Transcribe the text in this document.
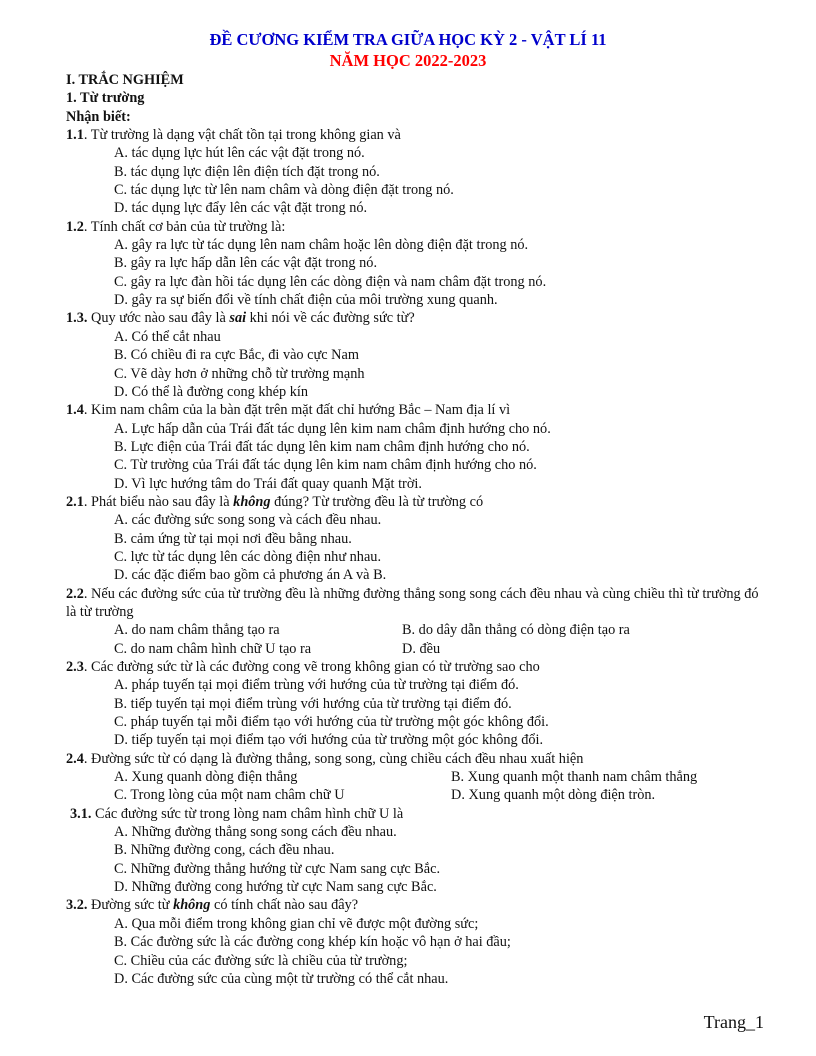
ĐỀ CƯƠNG KIỂM TRA GIỮA HỌC KỲ 2 - VẬT LÍ 11
NĂM HỌC 2022-2023
I. TRẮC NGHIỆM
1. Từ trường
Nhận biết:
1.1. Từ trường là dạng vật chất tồn tại trong không gian và
A. tác dụng lực hút lên các vật đặt trong nó.
B. tác dụng lực điện lên điện tích đặt trong nó.
C. tác dụng lực từ lên nam châm và dòng điện đặt trong nó.
D. tác dụng lực đẩy lên các vật đặt trong nó.
1.2. Tính chất cơ bản của từ trường là:
A. gây ra lực từ tác dụng lên nam châm hoặc lên dòng điện đặt trong nó.
B. gây ra lực hấp dẫn lên các vật đặt trong nó.
C. gây ra lực đàn hồi tác dụng lên các dòng điện và nam châm đặt trong nó.
D. gây ra sự biến đổi về tính chất điện của môi trường xung quanh.
1.3. Quy ước nào sau đây là sai khi nói về các đường sức từ?
A. Có thể cắt nhau
B. Có chiều đi ra cực Bắc, đi vào cực Nam
C. Vẽ dày hơn ở những chỗ từ trường mạnh
D. Có thể là đường cong khép kín
1.4. Kim nam châm của la bàn đặt trên mặt đất chỉ hướng Bắc – Nam địa lí vì
A. Lực hấp dẫn của Trái đất tác dụng lên kim nam châm định hướng cho nó.
B. Lực điện của Trái đất tác dụng lên kim nam châm định hướng cho nó.
C. Từ trường của Trái đất tác dụng lên kim nam châm định hướng cho nó.
D. Vì lực hướng tâm do Trái đất quay quanh Mặt trời.
2.1. Phát biểu nào sau đây là không đúng? Từ trường đều là từ trường có
A. các đường sức song song và cách đều nhau.
B. cảm ứng từ tại mọi nơi đều bằng nhau.
C. lực từ tác dụng lên các dòng điện như nhau.
D. các đặc điểm bao gồm cả phương án A và B.
2.2. Nếu các đường sức của từ trường đều là những đường thẳng song song cách đều nhau và cùng chiều thì từ trường đó là từ trường
A. do nam châm thẳng tạo ra	B. do dây dẫn thẳng có dòng điện tạo ra
C. do nam châm hình chữ U tạo ra	D. đều
2.3. Các đường sức từ là các đường cong vẽ trong không gian có từ trường sao cho
A. pháp tuyến tại mọi điểm trùng với hướng của từ trường tại điểm đó.
B. tiếp tuyến tại mọi điểm trùng với hướng của từ trường tại điểm đó.
C. pháp tuyến tại mỗi điểm tạo với hướng của từ trường một góc không đổi.
D. tiếp tuyến tại mọi điểm tạo với hướng của từ trường một góc không đổi.
2.4. Đường sức từ có dạng là đường thẳng, song song, cùng chiều cách đều nhau xuất hiện
A. Xung quanh dòng điện thẳng	B. Xung quanh một thanh nam châm thẳng
C. Trong lòng của một nam châm chữ U	D. Xung quanh một dòng điện tròn.
3.1. Các đường sức từ trong lòng nam châm hình chữ U là
A. Những đường thẳng song song cách đều nhau.
B. Những đường cong, cách đều nhau.
C. Những đường thẳng hướng từ cực Nam sang cực Bắc.
D. Những đường cong hướng từ cực Nam sang cực Bắc.
3.2. Đường sức từ không có tính chất nào sau đây?
A. Qua mỗi điểm trong không gian chỉ vẽ được một đường sức;
B. Các đường sức là các đường cong khép kín hoặc vô hạn ở hai đầu;
C. Chiều của các đường sức là chiều của từ trường;
D. Các đường sức của cùng một từ trường có thể cắt nhau.
Trang_1
